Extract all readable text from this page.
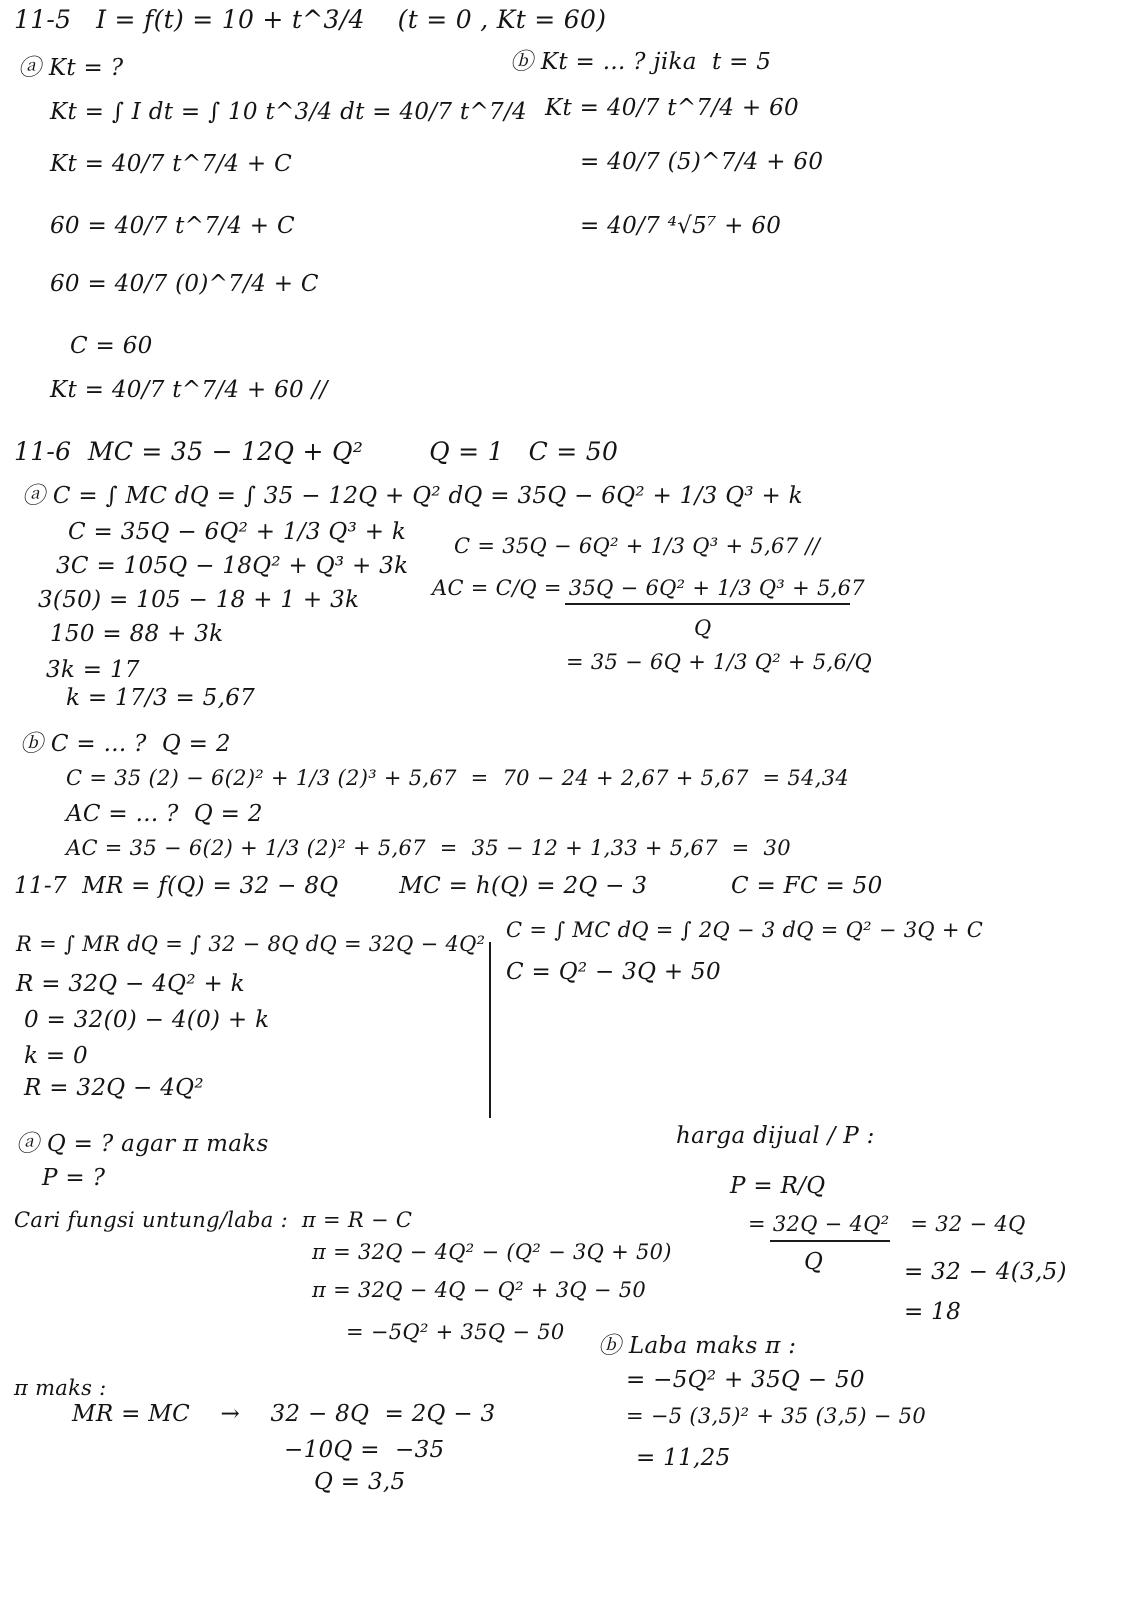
11-5   I = f(t) = 10 + t^3/4    (t = 0 , Kt = 60)
ⓐ Kt = ?
Kt = ∫ I dt = ∫ 10 t^3/4 dt = 40/7 t^7/4
Kt = 40/7 t^7/4 + C
60 = 40/7 t^7/4 + C
60 = 40/7 (0)^7/4 + C
C = 60
Kt = 40/7 t^7/4 + 60 //
ⓑ Kt = ... ? jika  t = 5
Kt = 40/7 t^7/4 + 60
= 40/7 (5)^7/4 + 60
= 40/7 ⁴√5⁷ + 60
11-6  MC = 35 − 12Q + Q²        Q = 1   C = 50
ⓐ C = ∫ MC dQ = ∫ 35 − 12Q + Q² dQ = 35Q − 6Q² + 1/3 Q³ + k
C = 35Q − 6Q² + 1/3 Q³ + k
3C = 105Q − 18Q² + Q³ + 3k
3(50) = 105 − 18 + 1 + 3k
150 = 88 + 3k
3k = 17
k = 17/3 = 5,67
C = 35Q − 6Q² + 1/3 Q³ + 5,67 //
AC = C/Q = 35Q − 6Q² + 1/3 Q³ + 5,67
Q
= 35 − 6Q + 1/3 Q² + 5,6/Q
ⓑ C = ... ?  Q = 2
C = 35 (2) − 6(2)² + 1/3 (2)³ + 5,67  =  70 − 24 + 2,67 + 5,67  = 54,34
AC = ... ?  Q = 2
AC = 35 − 6(2) + 1/3 (2)² + 5,67  =  35 − 12 + 1,33 + 5,67  =  30
11-7  MR = f(Q) = 32 − 8Q        MC = h(Q) = 2Q − 3           C = FC = 50
R = ∫ MR dQ = ∫ 32 − 8Q dQ = 32Q − 4Q²
R = 32Q − 4Q² + k
0 = 32(0) − 4(0) + k
k = 0
R = 32Q − 4Q²
C = ∫ MC dQ = ∫ 2Q − 3 dQ = Q² − 3Q + C
C = Q² − 3Q + 50
ⓐ Q = ? agar π maks
P = ?
Cari fungsi untung/laba :  π = R − C
π = 32Q − 4Q² − (Q² − 3Q + 50)
π = 32Q − 4Q − Q² + 3Q − 50
= −5Q² + 35Q − 50
π maks :
MR = MC    →    32 − 8Q  = 2Q − 3
−10Q =  −35
Q = 3,5
harga dijual / P :
P = R/Q
= 32Q − 4Q²   = 32 − 4Q
Q	= 32 − 4(3,5)
= 18
ⓑ Laba maks π :
= −5Q² + 35Q − 50
= −5 (3,5)² + 35 (3,5) − 50
= 11,25
